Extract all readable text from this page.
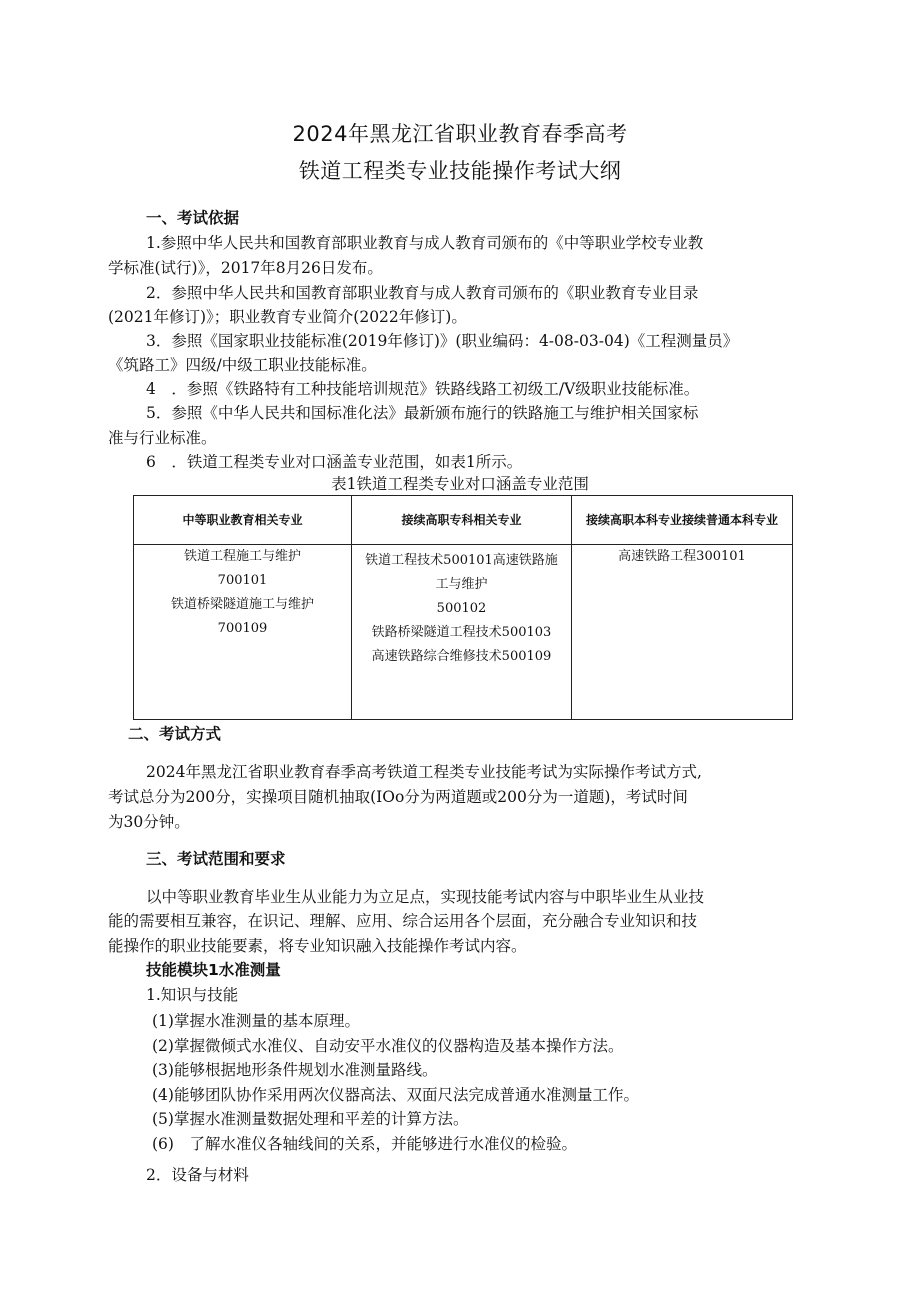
2024年黑龙江省职业教育春季高考
铁道工程类专业技能操作考试大纲
一、考试依据
1.参照中华人民共和国教育部职业教育与成人教育司颁布的《中等职业学校专业教
学标准(试行)》，2017年8月26日发布。
2．参照中华人民共和国教育部职业教育与成人教育司颁布的《职业教育专业目录
(2021年修订)》；职业教育专业简介(2022年修订)。
3．参照《国家职业技能标准(2019年修订)》(职业编码：4-08-03-04)《工程测量员》
《筑路工》四级/中级工职业技能标准。
4　．参照《铁路特有工种技能培训规范》铁路线路工初级工/V级职业技能标准。
5．参照《中华人民共和国标准化法》最新颁布施行的铁路施工与维护相关国家标
准与行业标准。
6　．铁道工程类专业对口涵盖专业范围，如表1所示。
表1铁道工程类专业对口涵盖专业范围
中等职业教育相关专业	接续高职专科相关专业	接续高职本科专业接续普通本科专业

铁道工程施工与维护
700101
铁道桥梁隧道施工与维护
700109	铁道工程技术500101高速铁路施
工与维护
500102
铁路桥梁隧道工程技术500103
高速铁路综合维修技术500109	高速铁路工程300101
二、考试方式
2024年黑龙江省职业教育春季高考铁道工程类专业技能考试为实际操作考试方式,
考试总分为200分，实操项目随机抽取(IOo分为两道题或200分为一道题)，考试时间
为30分钟。
三、考试范围和要求
以中等职业教育毕业生从业能力为立足点，实现技能考试内容与中职毕业生从业技
能的需要相互兼容，在识记、理解、应用、综合运用各个层面，充分融合专业知识和技
能操作的职业技能要素，将专业知识融入技能操作考试内容。
技能模块1水准测量
1.知识与技能
(1)掌握水准测量的基本原理。
(2)掌握微倾式水准仪、自动安平水准仪的仪器构造及基本操作方法。
(3)能够根据地形条件规划水准测量路线。
(4)能够团队协作采用两次仪器高法、双面尺法完成普通水准测量工作。
(5)掌握水准测量数据处理和平差的计算方法。
(6)　了解水准仪各轴线间的关系，并能够进行水准仪的检验。
2．设备与材料
